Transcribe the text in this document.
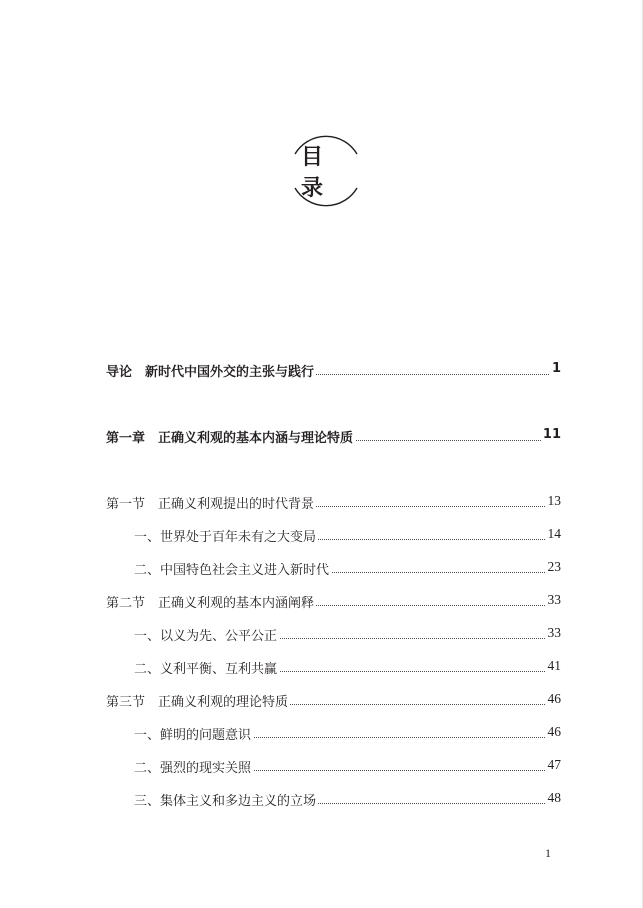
目 录
导论　新时代中国外交的主张与践行	1
第一章　正确义利观的基本内涵与理论特质	11
第一节　正确义利观提出的时代背景	13
一、世界处于百年未有之大变局	14
二、中国特色社会主义进入新时代	23
第二节　正确义利观的基本内涵阐释	33
一、以义为先、公平公正	33
二、义利平衡、互利共赢	41
第三节　正确义利观的理论特质	46
一、鲜明的问题意识	46
二、强烈的现实关照	47
三、集体主义和多边主义的立场	48
1
